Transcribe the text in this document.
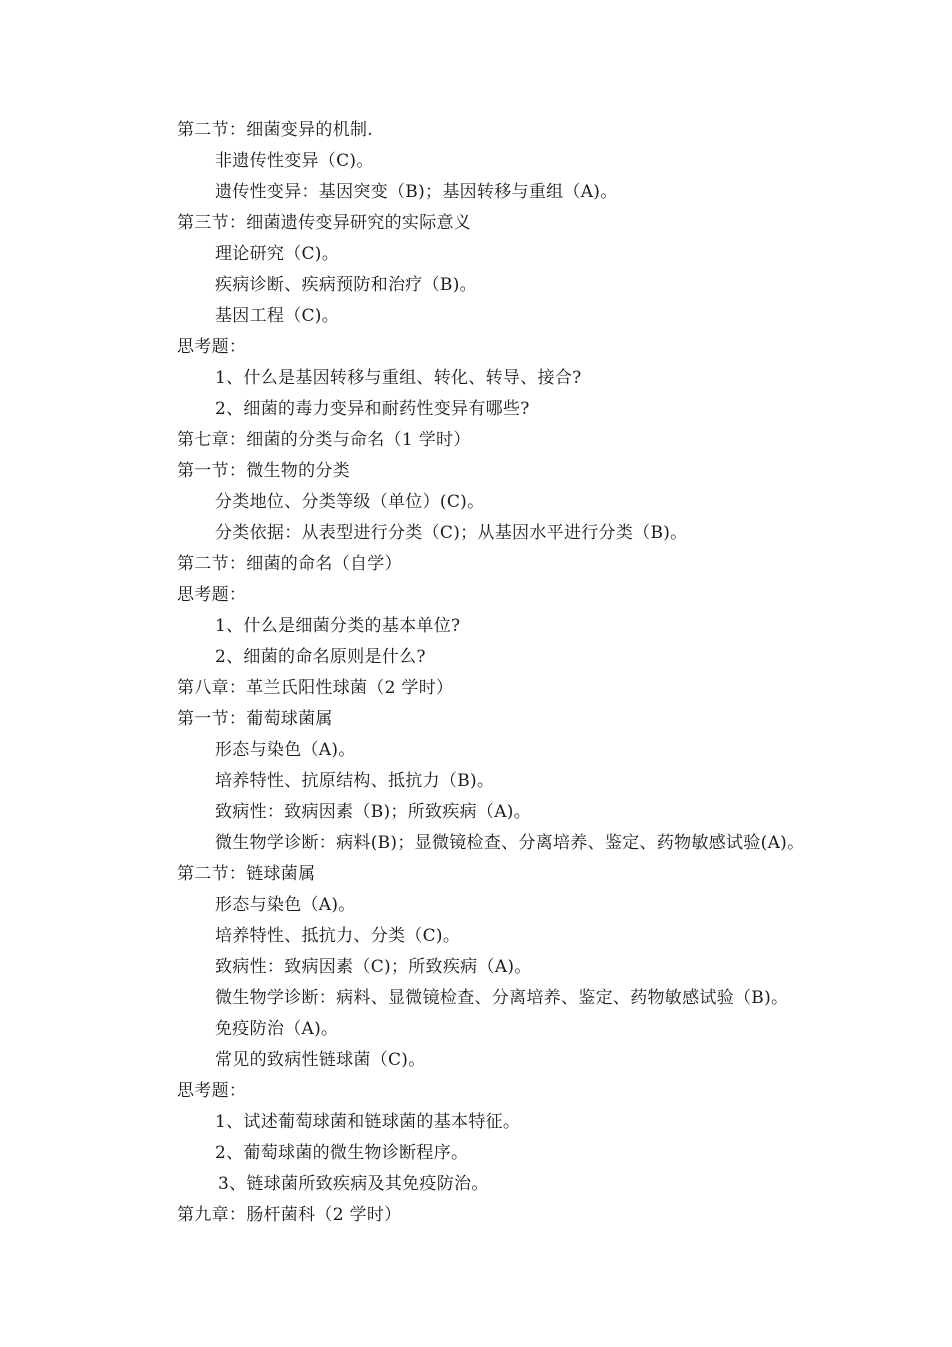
第二节：细菌变异的机制.
非遗传性变异（C)。
遗传性变异：基因突变（B)；基因转移与重组（A)。
第三节：细菌遗传变异研究的实际意义
理论研究（C)。
疾病诊断、疾病预防和治疗（B)。
基因工程（C)。
思考题：
1、什么是基因转移与重组、转化、转导、接合?
2、细菌的毒力变异和耐药性变异有哪些?
第七章：细菌的分类与命名（1 学时）
第一节：微生物的分类
分类地位、分类等级（单位）(C)。
分类依据：从表型进行分类（C)；从基因水平进行分类（B)。
第二节：细菌的命名（自学）
思考题：
1、什么是细菌分类的基本单位?
2、细菌的命名原则是什么?
第八章：革兰氏阳性球菌（2 学时）
第一节：葡萄球菌属
形态与染色（A)。
培养特性、抗原结构、抵抗力（B)。
致病性：致病因素（B)；所致疾病（A)。
微生物学诊断：病料(B)；显微镜检查、分离培养、鉴定、药物敏感试验(A)。
第二节：链球菌属
形态与染色（A)。
培养特性、抵抗力、分类（C)。
致病性：致病因素（C)；所致疾病（A)。
微生物学诊断：病料、显微镜检查、分离培养、鉴定、药物敏感试验（B)。
免疫防治（A)。
常见的致病性链球菌（C)。
思考题：
1、试述葡萄球菌和链球菌的基本特征。
2、葡萄球菌的微生物诊断程序。
3、链球菌所致疾病及其免疫防治。
第九章：肠杆菌科（2 学时）
